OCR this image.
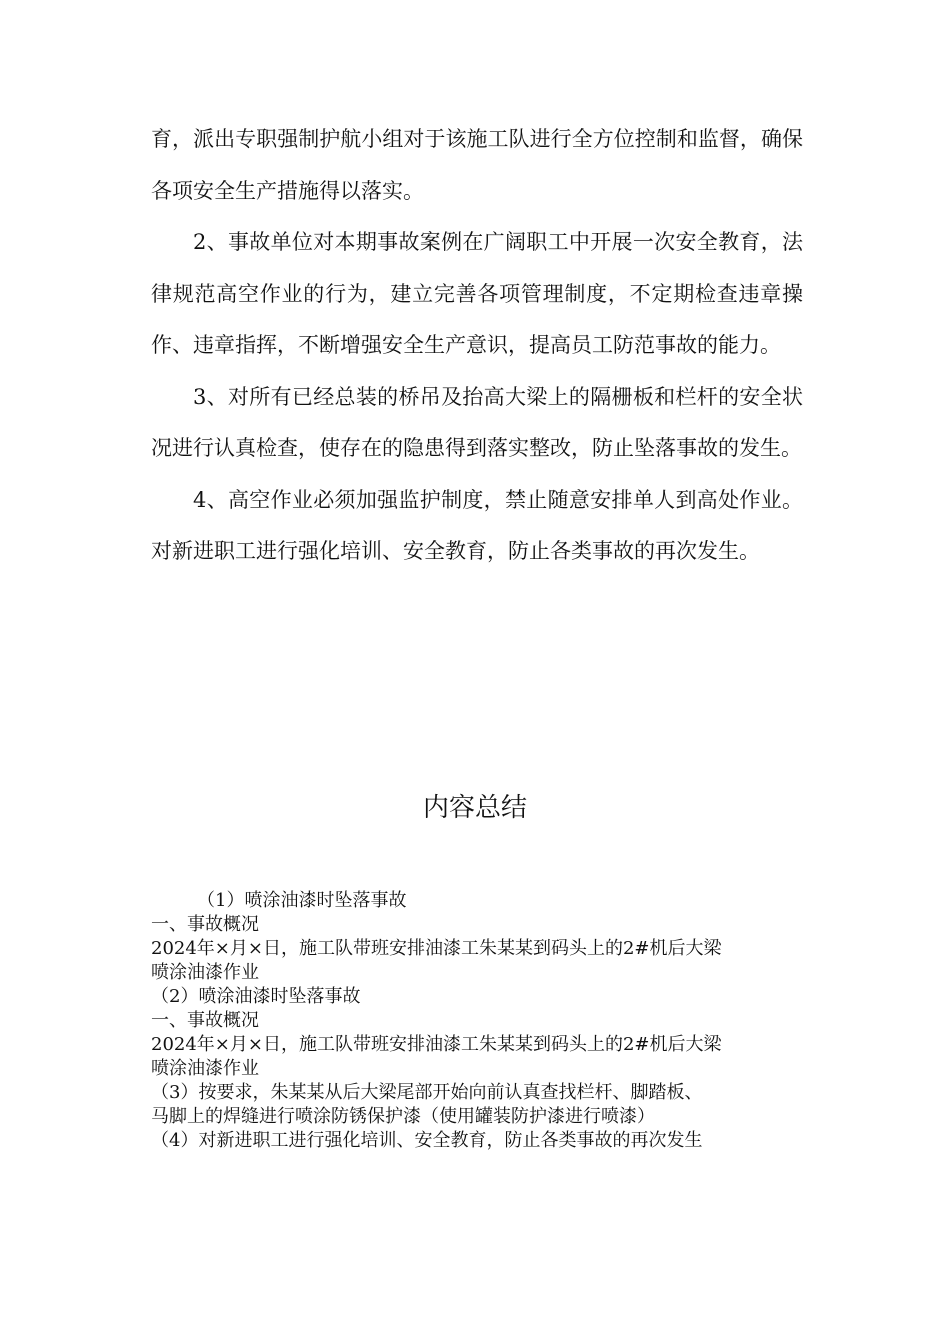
育，派出专职强制护航小组对于该施工队进行全方位控制和监督，确保各项安全生产措施得以落实。

2、事故单位对本期事故案例在广阔职工中开展一次安全教育，法律规范高空作业的行为，建立完善各项管理制度，不定期检查违章操作、违章指挥，不断增强安全生产意识，提高员工防范事故的能力。

3、对所有已经总装的桥吊及抬高大梁上的隔栅板和栏杆的安全状况进行认真检查，使存在的隐患得到落实整改，防止坠落事故的发生。

4、高空作业必须加强监护制度，禁止随意安排单人到高处作业。对新进职工进行强化培训、安全教育，防止各类事故的再次发生。

内容总结
（1）喷涂油漆时坠落事故
一、事故概况
2024年×月×日，施工队带班安排油漆工朱某某到码头上的2#机后大梁
喷涂油漆作业
（2）喷涂油漆时坠落事故
一、事故概况
2024年×月×日，施工队带班安排油漆工朱某某到码头上的2#机后大梁
喷涂油漆作业
（3）按要求，朱某某从后大梁尾部开始向前认真查找栏杆、脚踏板、
马脚上的焊缝进行喷涂防锈保护漆（使用罐装防护漆进行喷漆）
（4）对新进职工进行强化培训、安全教育，防止各类事故的再次发生
